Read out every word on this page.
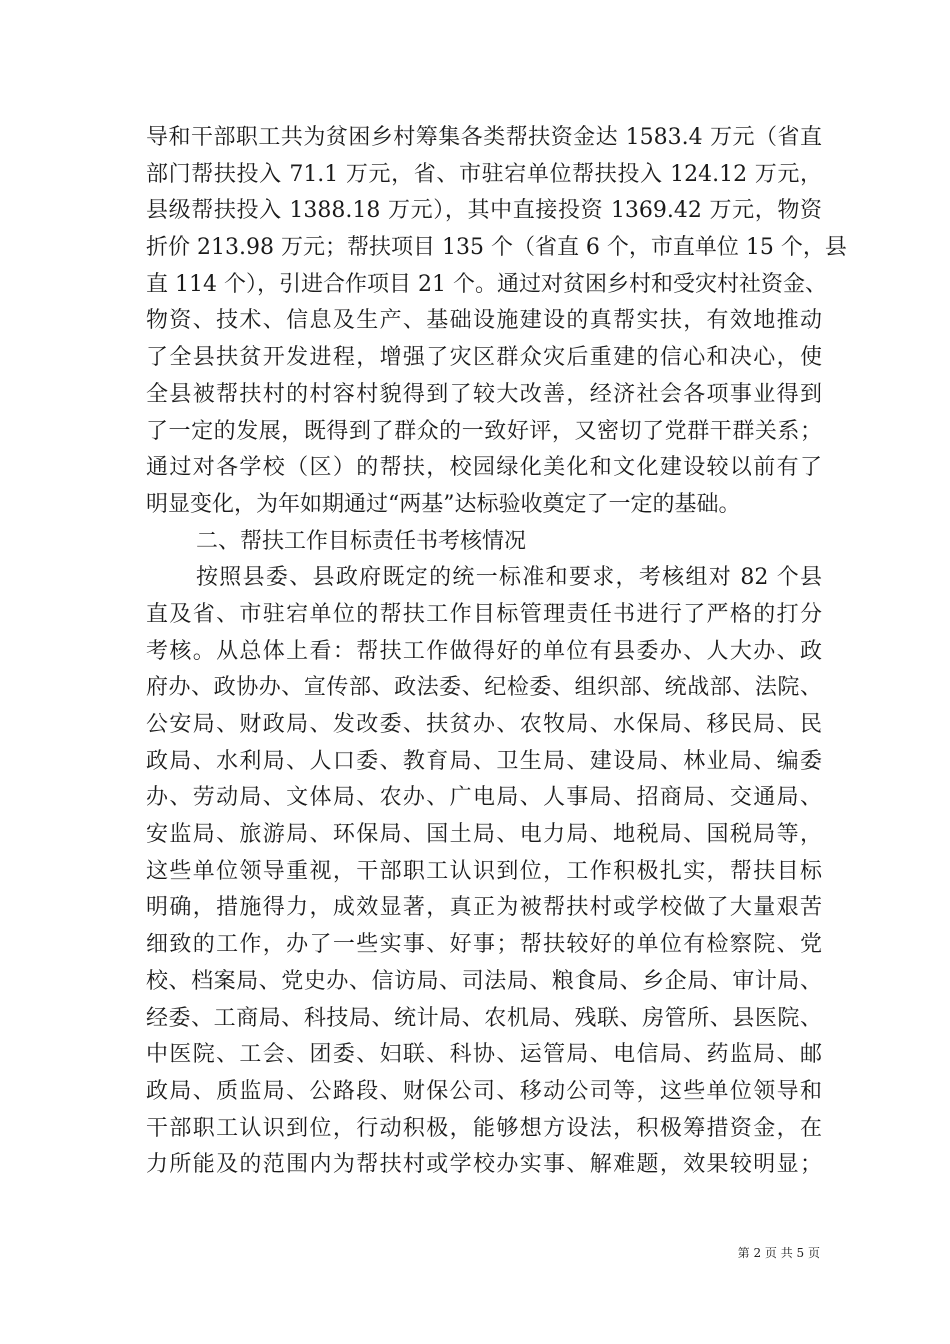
导和干部职工共为贫困乡村筹集各类帮扶资金达 1583.4 万元（省直
部门帮扶投入 71.1 万元，省、市驻宕单位帮扶投入 124.12 万元，
县级帮扶投入 1388.18 万元），其中直接投资 1369.42 万元，物资
折价 213.98 万元；帮扶项目 135 个（省直 6 个，市直单位 15 个，县
直 114 个），引进合作项目 21 个。通过对贫困乡村和受灾村社资金、
物资、技术、信息及生产、基础设施建设的真帮实扶，有效地推动
了全县扶贫开发进程，增强了灾区群众灾后重建的信心和决心，使
全县被帮扶村的村容村貌得到了较大改善，经济社会各项事业得到
了一定的发展，既得到了群众的一致好评，又密切了党群干群关系；
通过对各学校（区）的帮扶，校园绿化美化和文化建设较以前有了
明显变化，为年如期通过“两基”达标验收奠定了一定的基础。
二、帮扶工作目标责任书考核情况
按照县委、县政府既定的统一标准和要求，考核组对 82 个县
直及省、市驻宕单位的帮扶工作目标管理责任书进行了严格的打分
考核。从总体上看：帮扶工作做得好的单位有县委办、人大办、政
府办、政协办、宣传部、政法委、纪检委、组织部、统战部、法院、
公安局、财政局、发改委、扶贫办、农牧局、水保局、移民局、民
政局、水利局、人口委、教育局、卫生局、建设局、林业局、编委
办、劳动局、文体局、农办、广电局、人事局、招商局、交通局、
安监局、旅游局、环保局、国土局、电力局、地税局、国税局等，
这些单位领导重视，干部职工认识到位，工作积极扎实，帮扶目标
明确，措施得力，成效显著，真正为被帮扶村或学校做了大量艰苦
细致的工作，办了一些实事、好事；帮扶较好的单位有检察院、党
校、档案局、党史办、信访局、司法局、粮食局、乡企局、审计局、
经委、工商局、科技局、统计局、农机局、残联、房管所、县医院、
中医院、工会、团委、妇联、科协、运管局、电信局、药监局、邮
政局、质监局、公路段、财保公司、移动公司等，这些单位领导和
干部职工认识到位，行动积极，能够想方设法，积极筹措资金，在
力所能及的范围内为帮扶村或学校办实事、解难题，效果较明显；
第 2 页 共 5 页
